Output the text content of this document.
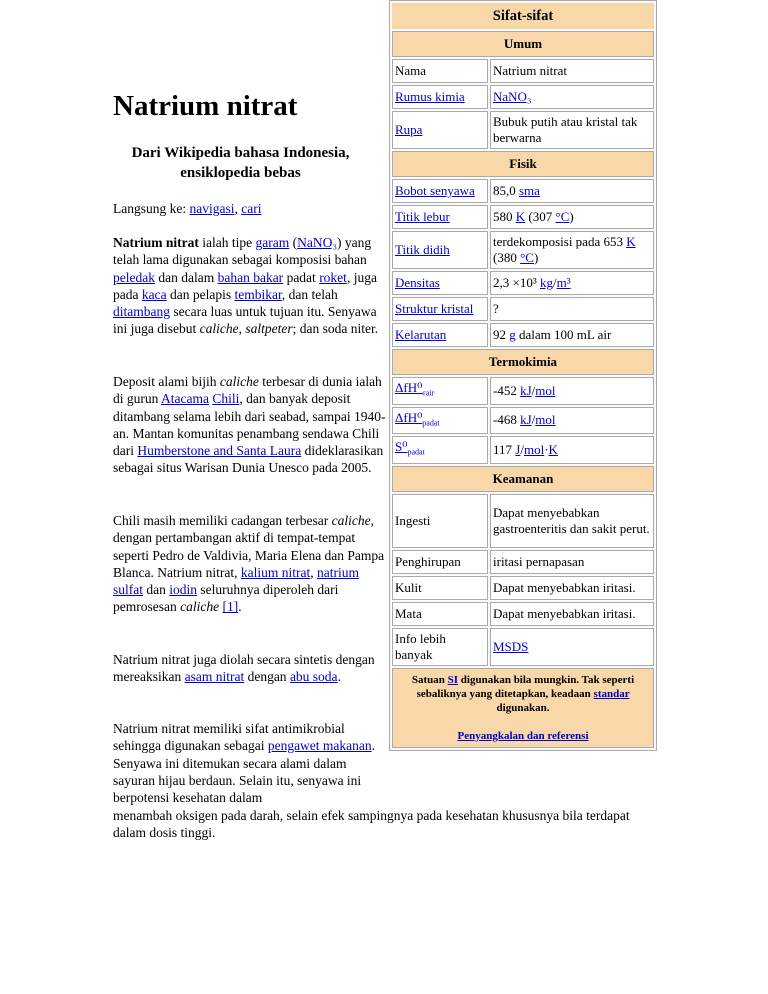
Natrium nitrat
Dari Wikipedia bahasa Indonesia, ensiklopedia bebas
Langsung ke: navigasi, cari
Natrium nitrat ialah tipe garam (NaNO₃) yang telah lama digunakan sebagai komposisi bahan peledak dan dalam bahan bakar padat roket, juga pada kaca dan pelapis tembikar, dan telah ditambang secara luas untuk tujuan itu. Senyawa ini juga disebut caliche, saltpeter; dan soda niter.
Deposit alami bijih caliche terbesar di dunia ialah di gurun Atacama Chili, dan banyak deposit ditambang selama lebih dari seabad, sampai 1940-an. Mantan komunitas penambang sendawa Chili dari Humberstone and Santa Laura dideklarasikan sebagai situs Warisan Dunia Unesco pada 2005.
Chili masih memiliki cadangan terbesar caliche, dengan pertambangan aktif di tempat-tempat seperti Pedro de Valdivia, Maria Elena dan Pampa Blanca. Natrium nitrat, kalium nitrat, natrium sulfat dan iodin seluruhnya diperoleh dari pemrosesan caliche [1].
Natrium nitrat juga diolah secara sintetis dengan mereaksikan asam nitrat dengan abu soda.
Natrium nitrat memiliki sifat antimikrobial sehingga digunakan sebagai pengawet makanan. Senyawa ini ditemukan secara alami dalam sayuran hijau berdaun. Selain itu, senyawa ini berpotensi kesehatan dalam
menambah oksigen pada darah, selain efek sampingnya pada kesehatan khususnya bila terdapat dalam dosis tinggi.
Sifat-sifat	
Umum	
Nama	Natrium nitrat
Rumus kimia	NaNO₃
Rupa	Bubuk putih atau kristal tak berwarna
Fisik	
Bobot senyawa	85,0 sma
Titik lebur	580 K (307 °C)
Titik didih	terdekomposisi pada 653 K (380 °C)
Densitas	2,3 ×10³ kg/m³
Struktur kristal	?
Kelarutan	92 g dalam 100 mL air
Termokimia	
$\Delta fH^0_{cair}$	-452 kJ/mol
$\Delta fH^0_{padat}$	-468 kJ/mol
$S^0_{padat}$	117 J/mol·K
Keamanan	
Ingesti	Dapat menyebabkan gastroenteritis dan sakit perut.
Penghirupan	iritasi pernapasan
Kulit	Dapat menyebabkan iritasi.
Mata	Dapat menyebabkan iritasi.
Info lebih banyak	MSDS
Satuan SI digunakan bila mungkin. Tak seperti sebaliknya yang ditetapkan, keadaan standar digunakan.

Penyangkalan dan referensi	
